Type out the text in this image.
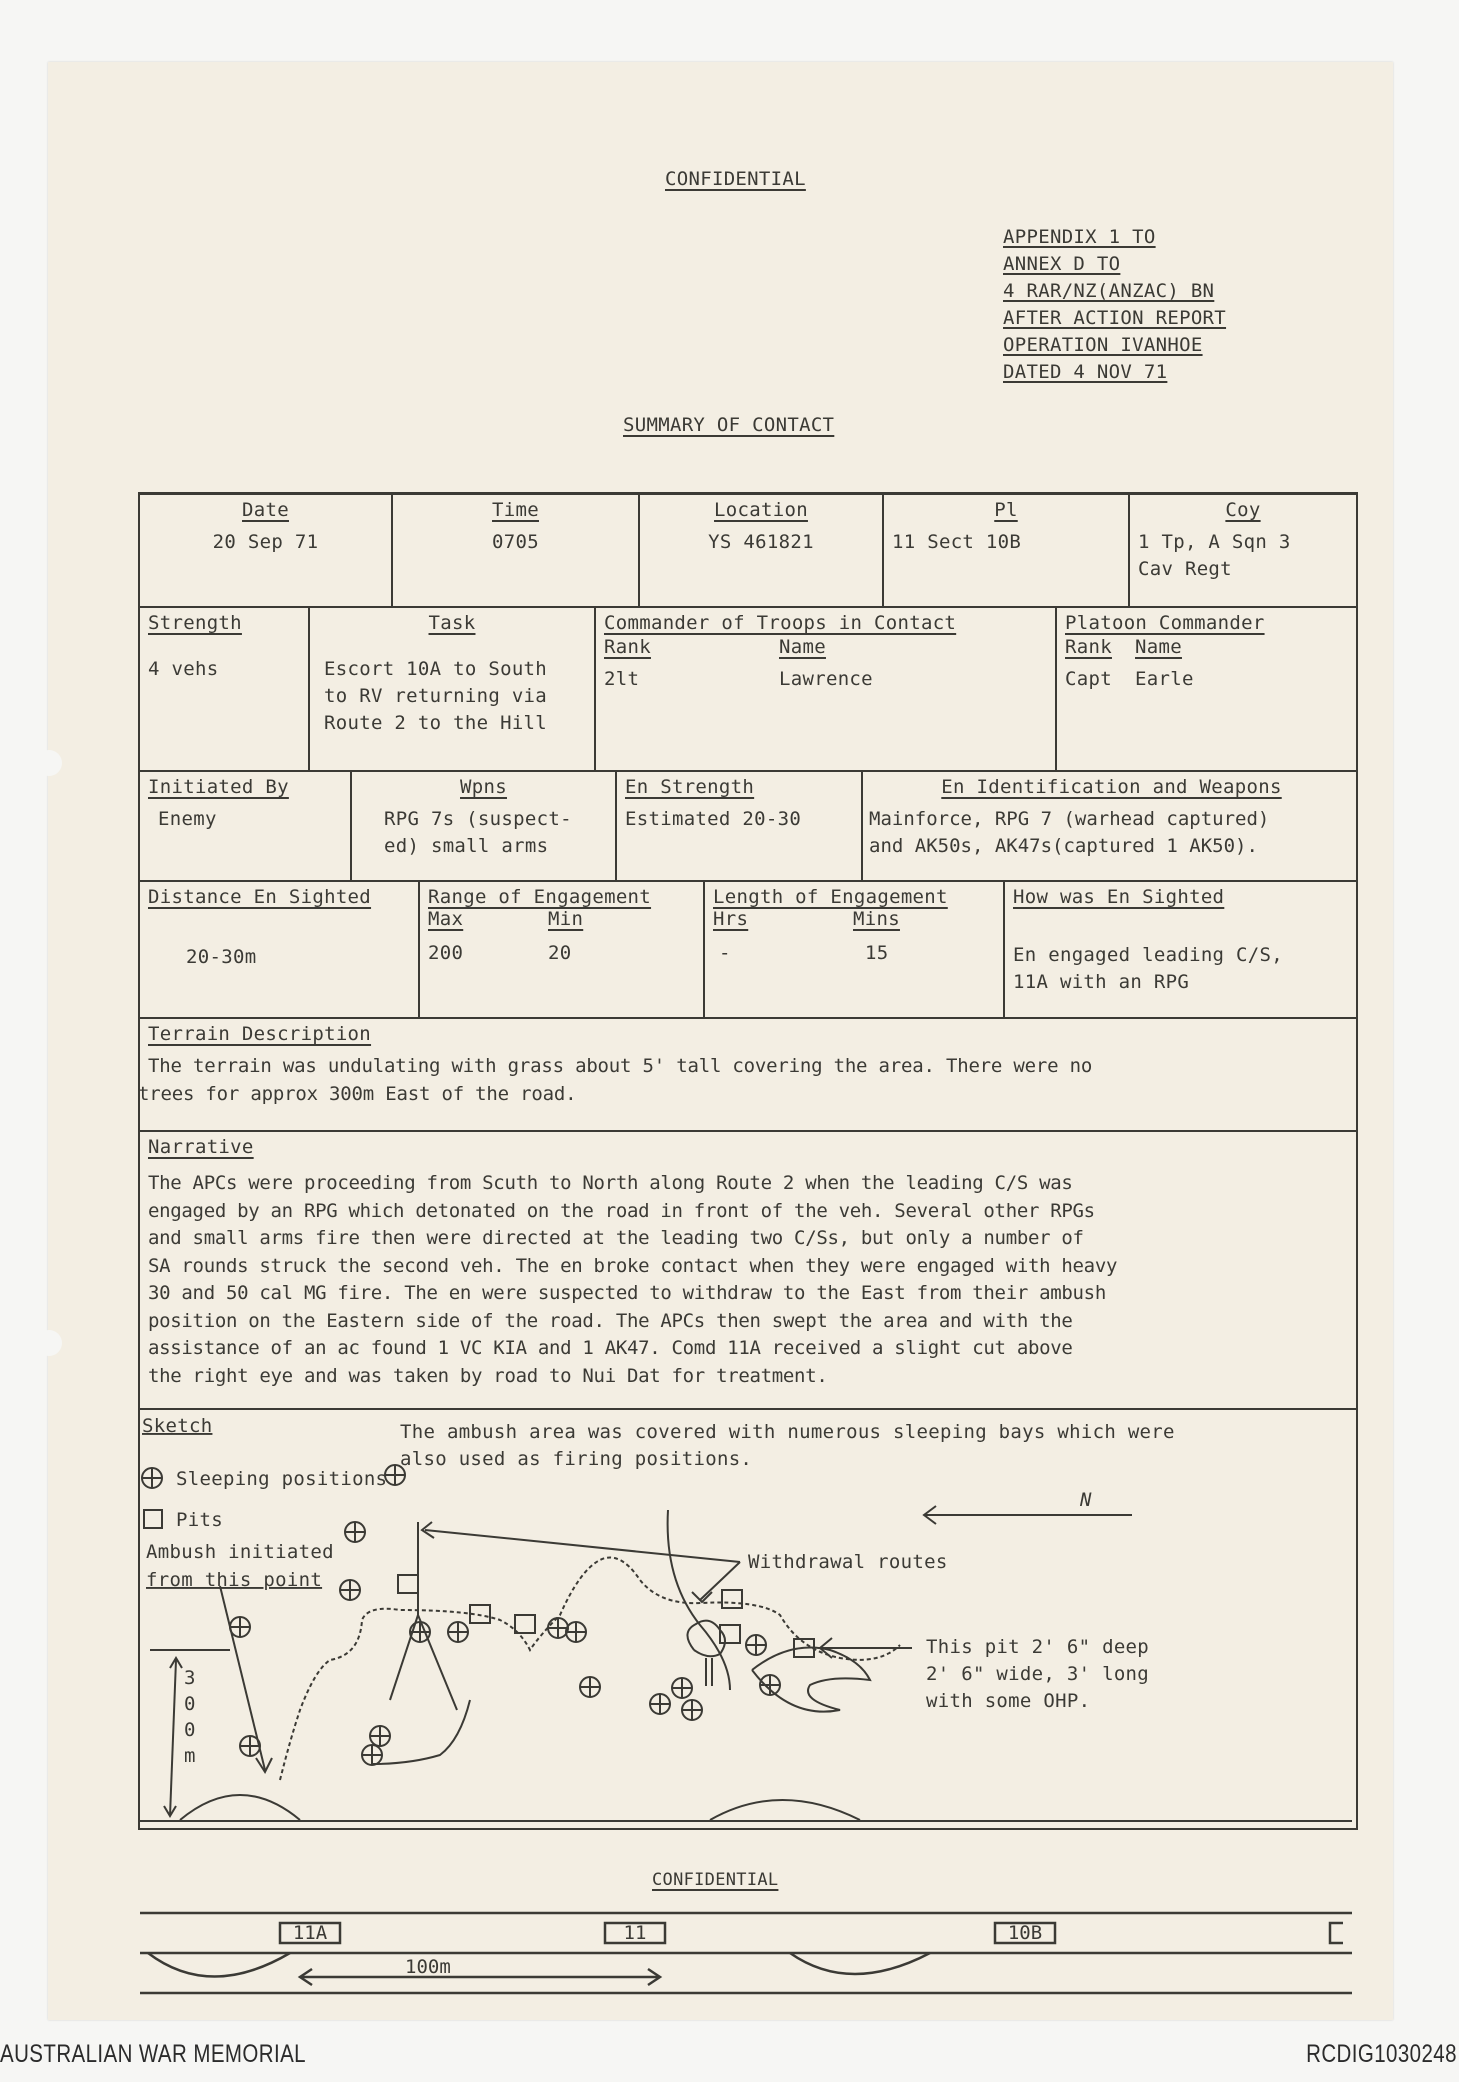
CONFIDENTIAL
APPENDIX 1 TO
ANNEX D TO
4 RAR/NZ(ANZAC) BN
AFTER ACTION REPORT
OPERATION IVANHOE
DATED 4 NOV 71
SUMMARY OF CONTACT
Date
20 Sep 71
Time
0705
Location
YS 461821
Pl
11 Sect 10B
Coy
1 Tp, A Sqn 3
Cav Regt
Strength
4 vehs
Task
Escort 10A to South
to RV returning via
Route 2 to the Hill
Commander of Troops in Contact
Rank	Name
2lt	Lawrence
Platoon Commander
Rank	Name
Capt	Earle
Initiated By
Enemy
Wpns
RPG 7s (suspect-
ed) small arms
En Strength
Estimated 20-30
En Identification and Weapons
Mainforce, RPG 7 (warhead captured)
and AK50s, AK47s(captured 1 AK50).
Distance En Sighted
20-30m
Range of Engagement
Max	Min
200	20
Length of Engagement
Hrs	Mins
-	15
How was En Sighted
En engaged leading C/S,
11A with an RPG
Terrain Description
The terrain was undulating with grass about 5' tall covering the area. There were no
trees for approx 300m East of the road.
Narrative
The APCs were proceeding from Scuth to North along Route 2 when the leading C/S was
engaged by an RPG which detonated on the road in front of the veh. Several other RPGs
and small arms fire then were directed at the leading two C/Ss, but only a number of
SA rounds struck the second veh. The en broke contact when they were engaged with heavy
30 and 50 cal MG fire. The en were suspected to withdraw to the East from their ambush
position on the Eastern side of the road. The APCs then swept the area and with the
assistance of an ac found 1 VC KIA and 1 AK47. Comd 11A received a slight cut above
the right eye and was taken by road to Nui Dat for treatment.
The ambush area was covered with numerous sleeping bays which were
also used as firing positions.
Sketch
Sleeping positions
Pits
Ambush initiated
from this point
Withdrawal routes
N
This pit 2' 6" deep
2' 6" wide, 3' long
with some OHP.
3
0
0
m
11A	11	10B
100m
CONFIDENTIAL
AUSTRALIAN WAR MEMORIAL	RCDIG1030248
